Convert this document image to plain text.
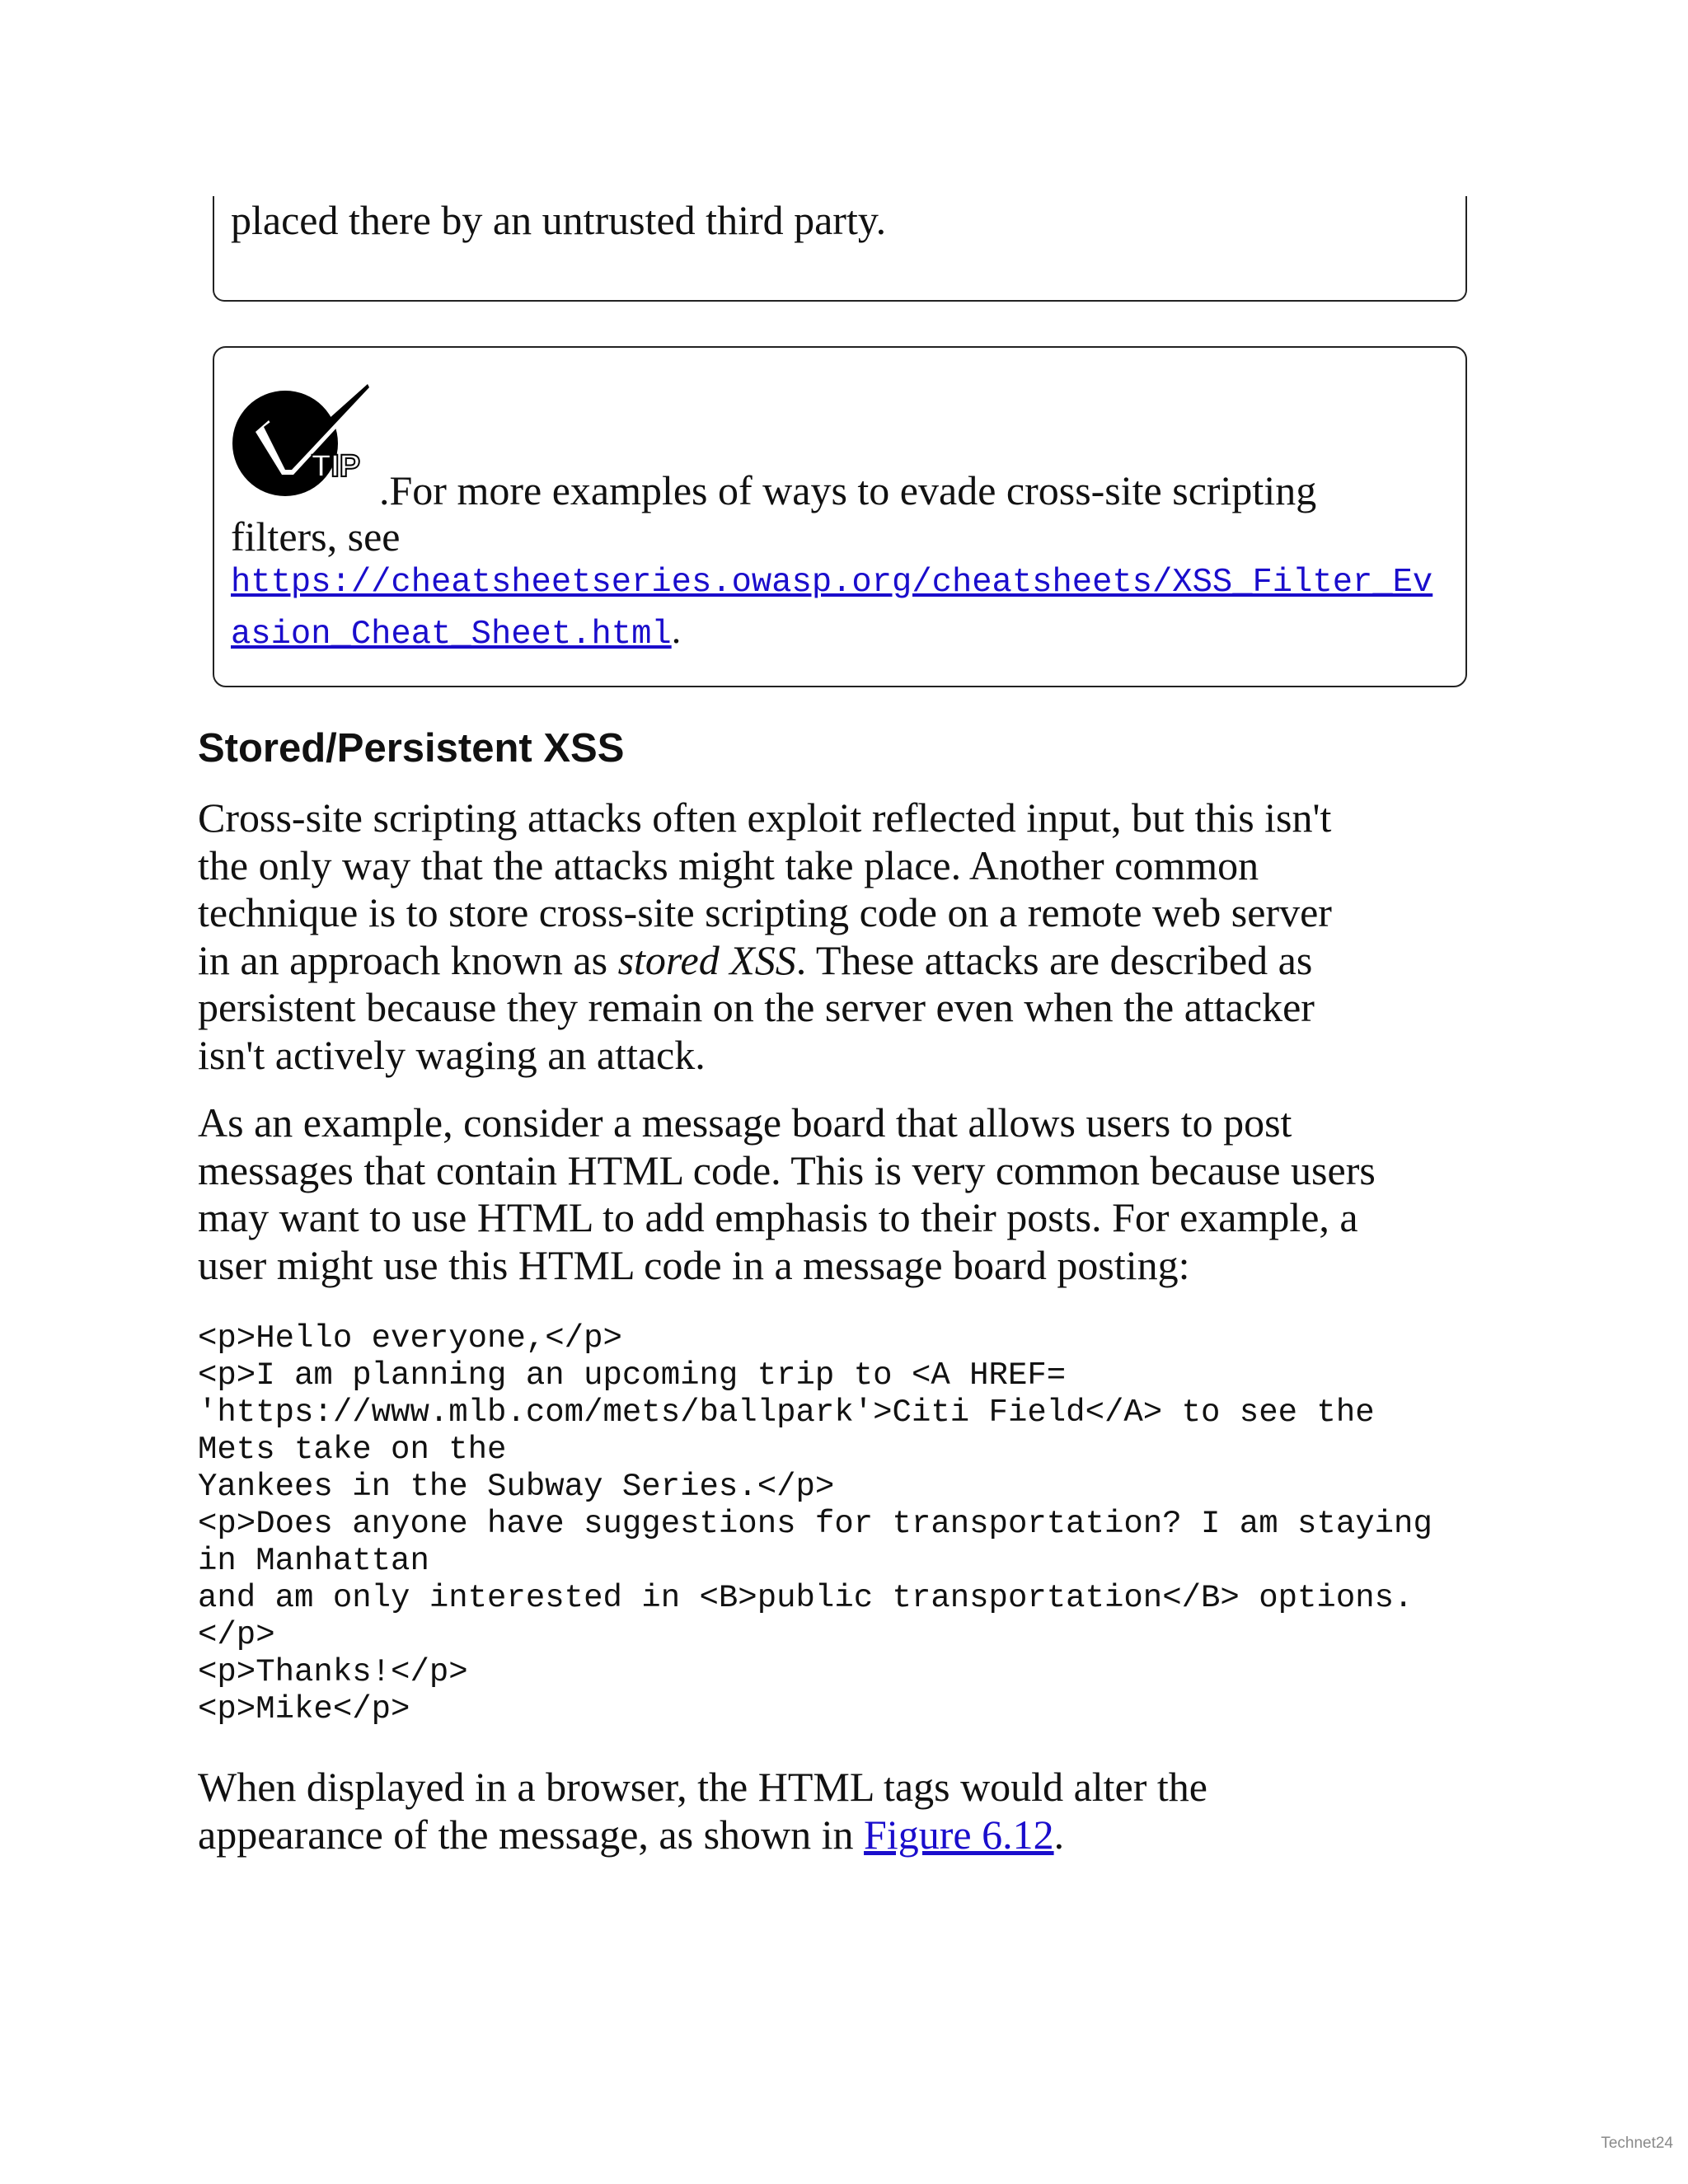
placed there by an untrusted third party.
TIP
.For more examples of ways to evade cross-site scripting
filters, see
https://cheatsheetseries.owasp.org/cheatsheets/XSS_Filter_Evasion_Cheat_Sheet.html.
Stored/Persistent XSS

Cross-site scripting attacks often exploit reflected input, but this isn't
the only way that the attacks might take place. Another common
technique is to store cross-site scripting code on a remote web server
in an approach known as stored XSS. These attacks are described as
persistent because they remain on the server even when the attacker
isn't actively waging an attack.

As an example, consider a message board that allows users to post
messages that contain HTML code. This is very common because users
may want to use HTML to add emphasis to their posts. For example, a
user might use this HTML code in a message board posting:

<p>Hello everyone,</p>
<p>I am planning an upcoming trip to <A HREF=
'https://www.mlb.com/mets/ballpark'>Citi Field</A> to see the
Mets take on the
Yankees in the Subway Series.</p>
<p>Does anyone have suggestions for transportation? I am staying
in Manhattan
and am only interested in <B>public transportation</B> options.
</p>
<p>Thanks!</p>
<p>Mike</p>

When displayed in a browser, the HTML tags would alter the
appearance of the message, as shown in Figure 6.12.

Technet24
